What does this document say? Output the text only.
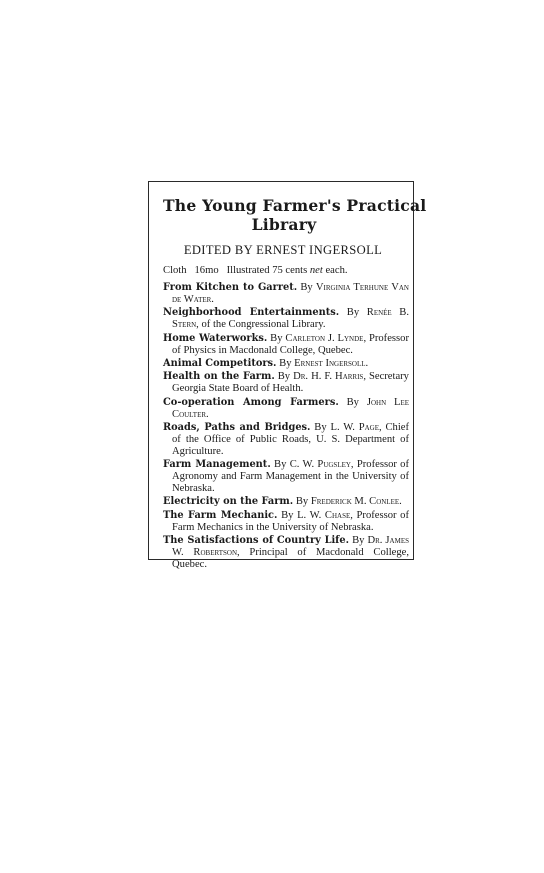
The Young Farmer's Practical
Library
EDITED BY ERNEST INGERSOLL
Cloth 16mo Illustrated 75 cents net each.
From Kitchen to Garret. By Virginia Terhune Van de Water.
Neighborhood Entertainments. By Renée B. Stern, of the Congressional Library.
Home Waterworks. By Carleton J. Lynde, Professor of Physics in Macdonald College, Quebec.
Animal Competitors. By Ernest Ingersoll.
Health on the Farm. By Dr. H. F. Harris, Secretary Georgia State Board of Health.
Co-operation Among Farmers. By John Lee Coulter.
Roads, Paths and Bridges. By L. W. Page, Chief of the Office of Public Roads, U. S. Department of Agriculture.
Farm Management. By C. W. Pugsley, Professor of Agronomy and Farm Management in the University of Nebraska.
Electricity on the Farm. By Frederick M. Conlee.
The Farm Mechanic. By L. W. Chase, Professor of Farm Mechanics in the University of Nebraska.
The Satisfactions of Country Life. By Dr. James W. Robertson, Principal of Macdonald College, Quebec.
